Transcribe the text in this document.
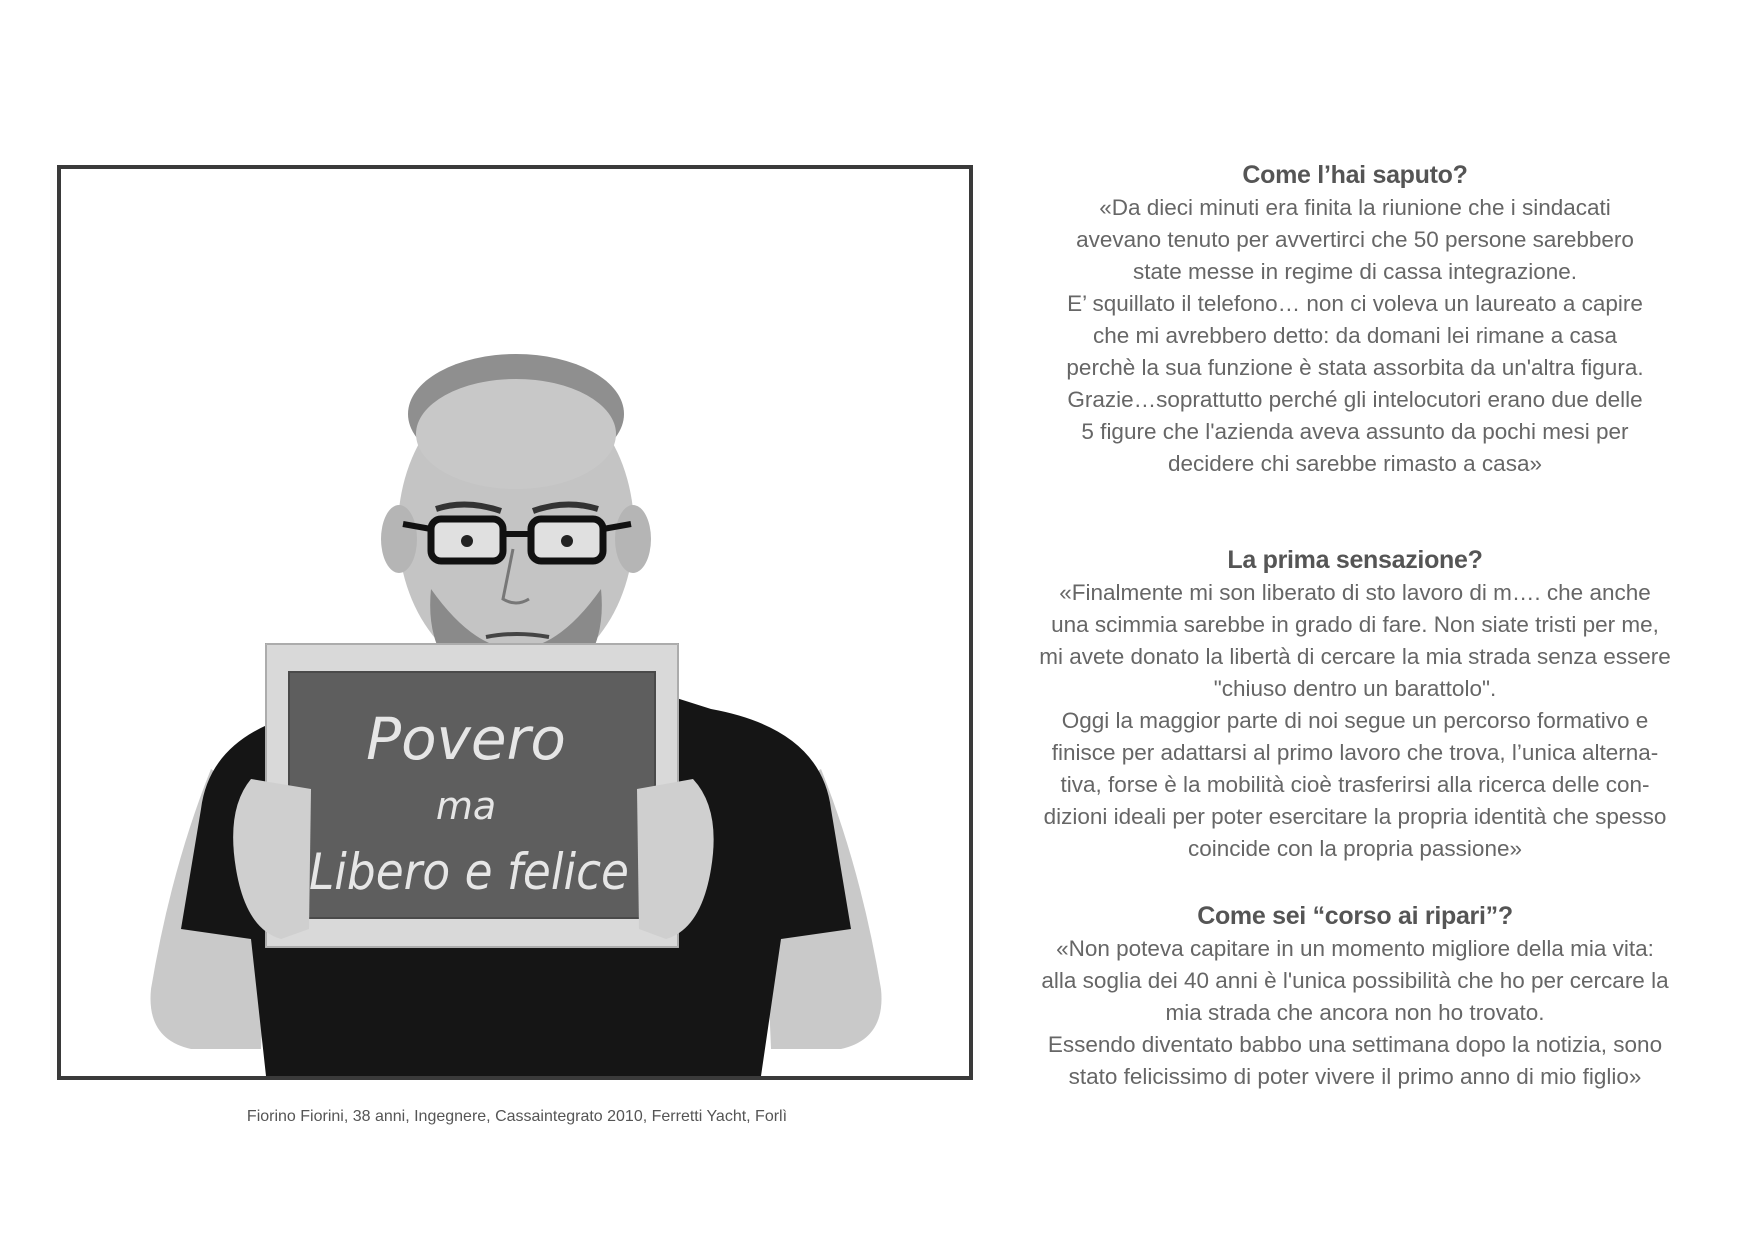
Povero
ma
Libero e felice
Fiorino Fiorini, 38 anni, Ingegnere, Cassaintegrato 2010, Ferretti Yacht, Forlì
Come l’hai saputo?

«Da dieci minuti era finita la riunione che i sindacati

avevano tenuto per avvertirci che 50 persone sarebbero

state messe in regime di cassa integrazione.

E’ squillato il telefono… non ci voleva un laureato a capire

che mi avrebbero detto: da domani lei rimane a casa

perchè la sua funzione è stata assorbita da un'altra figura.

Grazie…soprattutto perché gli intelocutori erano due delle

5 figure che l'azienda aveva assunto da pochi mesi per

decidere chi sarebbe rimasto a casa»

La prima sensazione?

«Finalmente mi son liberato di sto lavoro di m…. che anche

una scimmia sarebbe in grado di fare. Non siate tristi per me,

mi avete donato la libertà di cercare la mia strada senza essere

"chiuso dentro un barattolo".

Oggi la maggior parte di noi segue un percorso formativo e

finisce per adattarsi al primo lavoro che trova, l’unica alterna-

tiva, forse è la mobilità cioè trasferirsi alla ricerca delle con-

dizioni ideali per poter esercitare la propria identità che spesso

coincide con la propria passione»

Come sei “corso ai ripari”?

«Non poteva capitare in un momento migliore della mia vita:

alla soglia dei 40 anni è l'unica possibilità che ho per cercare la

mia strada che ancora non ho trovato.

Essendo diventato babbo una settimana dopo la notizia, sono

stato felicissimo di poter vivere il primo anno di mio figlio»
